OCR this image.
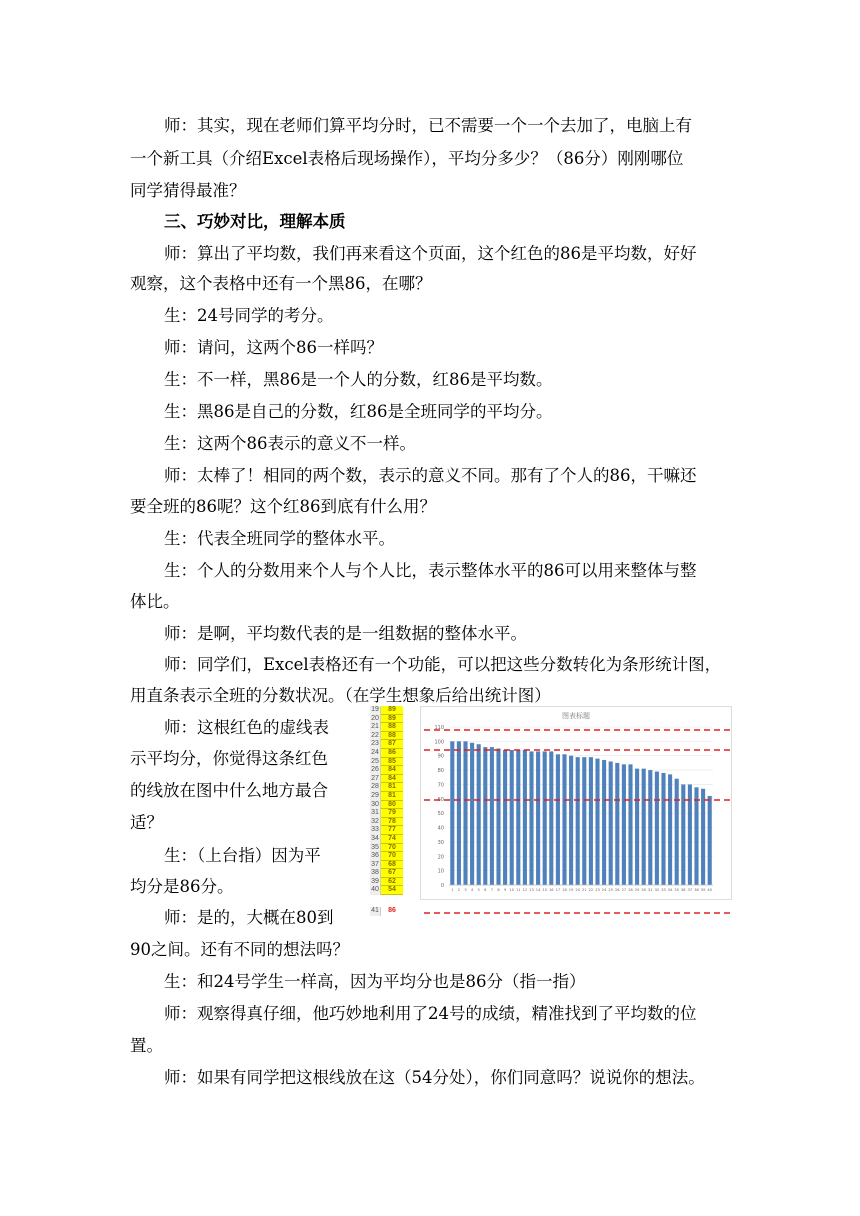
师：其实，现在老师们算平均分时，已不需要一个一个去加了，电脑上有
一个新工具（介绍Excel表格后现场操作），平均分多少？（86分）刚刚哪位
同学猜得最准？
三、巧妙对比，理解本质
师：算出了平均数，我们再来看这个页面，这个红色的86是平均数，好好
观察，这个表格中还有一个黑86，在哪？
生：24号同学的考分。
师：请问，这两个86一样吗？
生：不一样，黑86是一个人的分数，红86是平均数。
生：黑86是自己的分数，红86是全班同学的平均分。
生：这两个86表示的意义不一样。
师：太棒了！相同的两个数，表示的意义不同。那有了个人的86，干嘛还
要全班的86呢？这个红86到底有什么用？
生：代表全班同学的整体水平。
生：个人的分数用来个人与个人比，表示整体水平的86可以用来整体与整
体比。
师：是啊，平均数代表的是一组数据的整体水平。
师：同学们，Excel表格还有一个功能，可以把这些分数转化为条形统计图，
用直条表示全班的分数状况。（在学生想象后给出统计图）
师：这根红色的虚线表
示平均分，你觉得这条红色
的线放在图中什么地方最合
适？
生：（上台指）因为平
均分是86分。
师：是的，大概在80到
90之间。还有不同的想法吗？
19	89
20	89
21	88
22	88
23	87
24	86
25	85
26	84
27	84
28	81
29	81
30	80
31	79
32	78
33	77
34	74
35	70
36	70
37	68
38	67
39	62
40	54
41	86
图表标题
0
10
20
30
40
50
60
70
80
90
100
110
1 2 3 4 5 6 7 8 9 10 11 12 13 14 15 16 17 18 19 20 21 22 23 24 25 26 27 28 29 30 31 32 33 34 35 36 37 38 39 40
生：和24号学生一样高，因为平均分也是86分（指一指）
师：观察得真仔细，他巧妙地利用了24号的成绩，精准找到了平均数的位
置。
师：如果有同学把这根线放在这（54分处），你们同意吗？说说你的想法。
